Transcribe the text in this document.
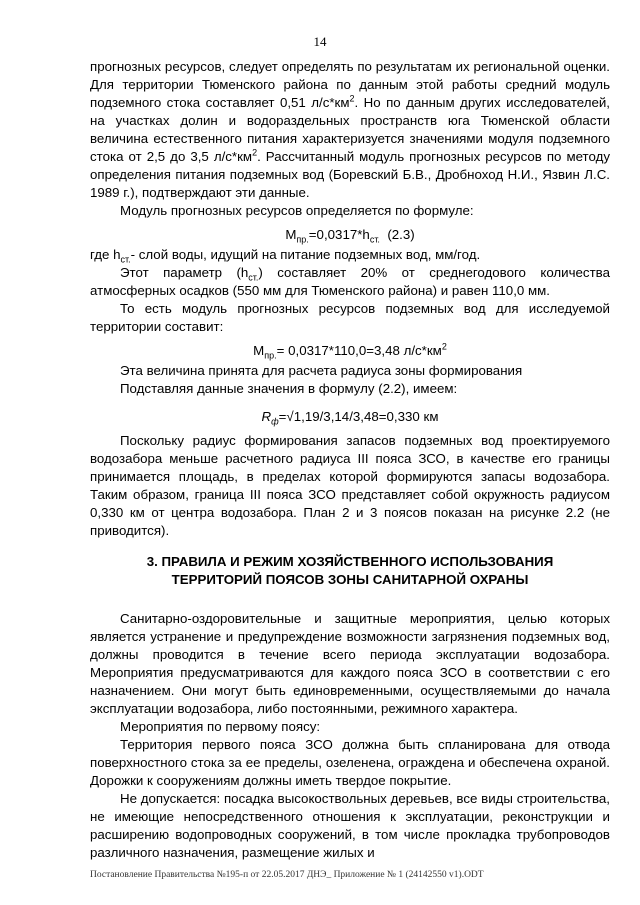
14

прогнозных ресурсов, следует определять по результатам их региональной оценки. Для территории Тюменского района по данным этой работы средний модуль подземного стока составляет 0,51 $л/с*км^2$. Но по данным других исследователей, на участках долин и водораздельных пространств юга Тюменской области величина естественного питания характеризуется значениями модуля подземного стока от 2,5 до 3,5 $л/с*км^2$. Рассчитанный модуль прогнозных ресурсов по методу определения питания подземных вод (Боревский Б.В., Дробноход Н.И., Язвин Л.С. 1989 г.), подтверждают эти данные.

Модуль прогнозных ресурсов определяется по формуле:

$M_{пр.}=0,0317*h_{ст.}$ (2.3)

где $h_{ст.}-$ слой воды, идущий на питание подземных вод, мм/год.

Этот параметр $(h_{ст.})$ составляет 20% от среднегодового количества атмосферных осадков (550 мм для Тюменского района) и равен 110,0 мм.

То есть модуль прогнозных ресурсов подземных вод для исследуемой территории составит:

$M_{пр.}= 0,0317*110,0=3,48$ $л/с*км^2$

Эта величина принята для расчета радиуса зоны формирования

Подставляя данные значения в формулу (2.2), имеем:

$R_ф=√1,19/3,14/3,48=0,330$ км

Поскольку радиус формирования запасов подземных вод проектируемого водозабора меньше расчетного радиуса III пояса ЗСО, в качестве его границы принимается площадь, в пределах которой формируются запасы водозабора. Таким образом, граница III пояса ЗСО представляет собой окружность радиусом 0,330 км от центра водозабора. План 2 и 3 поясов показан на рисунке 2.2 (не приводится).

3. ПРАВИЛА И РЕЖИМ ХОЗЯЙСТВЕННОГО ИСПОЛЬЗОВАНИЯ
ТЕРРИТОРИЙ ПОЯСОВ ЗОНЫ САНИТАРНОЙ ОХРАНЫ

Санитарно-оздоровительные и защитные мероприятия, целью которых является устранение и предупреждение возможности загрязнения подземных вод, должны проводится в течение всего периода эксплуатации водозабора. Мероприятия предусматриваются для каждого пояса ЗСО в соответствии с его назначением. Они могут быть единовременными, осуществляемыми до начала эксплуатации водозабора, либо постоянными, режимного характера.

Мероприятия по первому поясу:

Территория первого пояса ЗСО должна быть спланирована для отвода поверхностного стока за ее пределы, озеленена, ограждена и обеспечена охраной. Дорожки к сооружениям должны иметь твердое покрытие.

Не допускается: посадка высокоствольных деревьев, все виды строительства, не имеющие непосредственного отношения к эксплуатации, реконструкции и расширению водопроводных сооружений, в том числе прокладка трубопроводов различного назначения, размещение жилых и

Постановление Правительства №195-п от 22.05.2017 ДНЭ_ Приложение № 1 (24142550 v1).ODT
